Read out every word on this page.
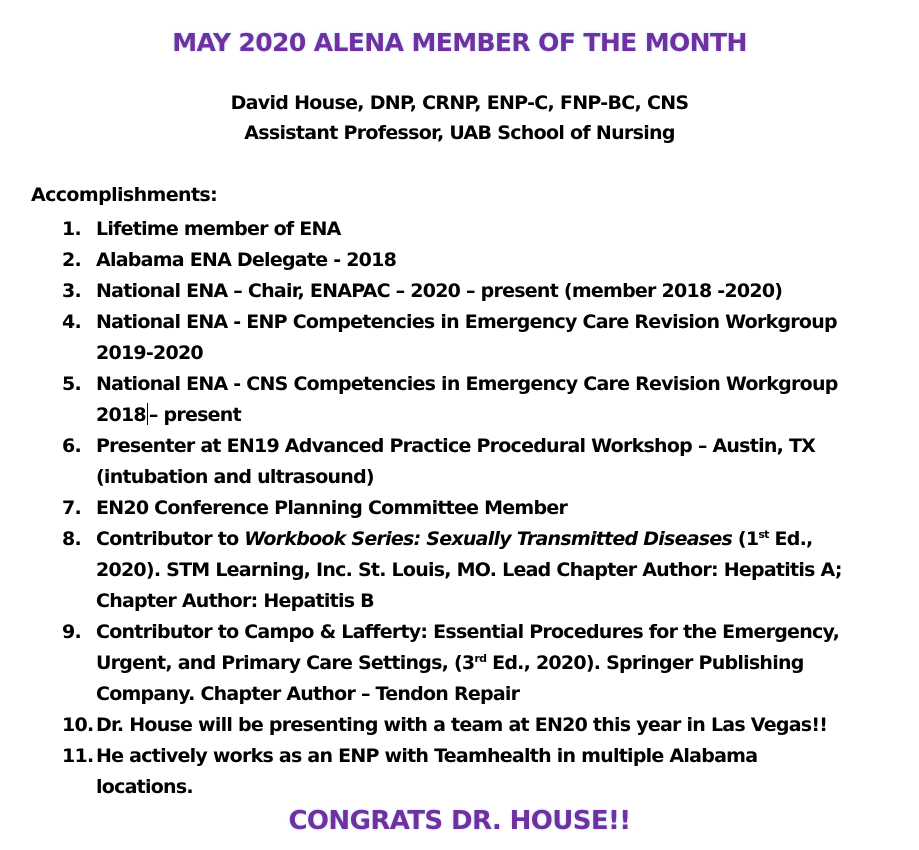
MAY 2020 ALENA MEMBER OF THE MONTH
David House, DNP, CRNP, ENP-C, FNP-BC, CNS
Assistant Professor, UAB School of Nursing
Accomplishments:
1. Lifetime member of ENA
2. Alabama ENA Delegate - 2018
3. National ENA – Chair, ENAPAC – 2020 – present (member 2018 -2020)
4. National ENA - ENP Competencies in Emergency Care Revision Workgroup
2019-2020
5. National ENA - CNS Competencies in Emergency Care Revision Workgroup
2018 – present
6. Presenter at EN19 Advanced Practice Procedural Workshop – Austin, TX
(intubation and ultrasound)
7. EN20 Conference Planning Committee Member
8. Contributor to Workbook Series: Sexually Transmitted Diseases (1st Ed.,
2020). STM Learning, Inc. St. Louis, MO. Lead Chapter Author: Hepatitis A;
Chapter Author: Hepatitis B
9. Contributor to Campo & Lafferty: Essential Procedures for the Emergency,
Urgent, and Primary Care Settings, (3rd Ed., 2020). Springer Publishing
Company. Chapter Author – Tendon Repair
10. Dr. House will be presenting with a team at EN20 this year in Las Vegas!!
11. He actively works as an ENP with Teamhealth in multiple Alabama
locations.
CONGRATS DR. HOUSE!!
